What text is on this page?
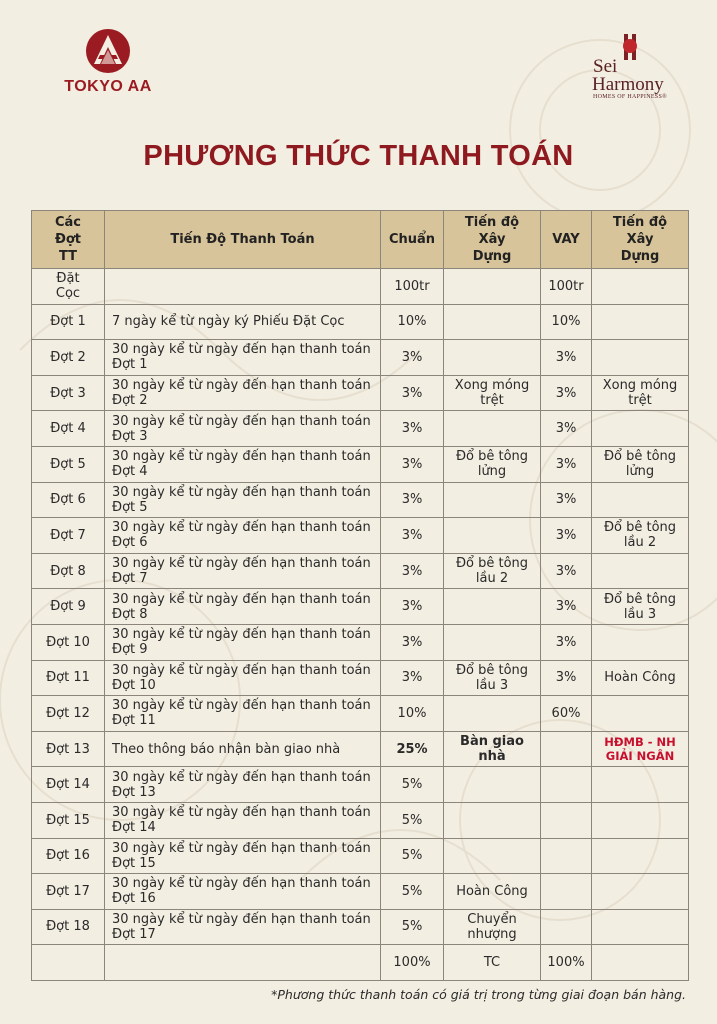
TOKYO AA
Sei
Harmony
HOMES OF HAPPINESS®
PHƯƠNG THỨC THANH TOÁN
Các Đợt TT	Tiến Độ Thanh Toán	Chuẩn	Tiến độ Xây Dựng	VAY	Tiến độ Xây Dựng
Đặt Cọc		100tr		100tr	
Đợt 1	7 ngày kể từ ngày ký Phiếu Đặt Cọc	10%		10%	
Đợt 2	30 ngày kể từ ngày đến hạn thanh toán Đợt 1	3%		3%	
Đợt 3	30 ngày kể từ ngày đến hạn thanh toán Đợt 2	3%	Xong móng trệt	3%	Xong móng trệt
Đợt 4	30 ngày kể từ ngày đến hạn thanh toán Đợt 3	3%		3%	
Đợt 5	30 ngày kể từ ngày đến hạn thanh toán Đợt 4	3%	Đổ bê tông lửng	3%	Đổ bê tông lửng
Đợt 6	30 ngày kể từ ngày đến hạn thanh toán Đợt 5	3%		3%	
Đợt 7	30 ngày kể từ ngày đến hạn thanh toán Đợt 6	3%		3%	Đổ bê tông lầu 2
Đợt 8	30 ngày kể từ ngày đến hạn thanh toán Đợt 7	3%	Đổ bê tông lầu 2	3%	
Đợt 9	30 ngày kể từ ngày đến hạn thanh toán Đợt 8	3%		3%	Đổ bê tông lầu 3
Đợt 10	30 ngày kể từ ngày đến hạn thanh toán Đợt 9	3%		3%	
Đợt 11	30 ngày kể từ ngày đến hạn thanh toán Đợt 10	3%	Đổ bê tông lầu 3	3%	Hoàn Công
Đợt 12	30 ngày kể từ ngày đến hạn thanh toán Đợt 11	10%		60%	
Đợt 13	Theo thông báo nhận bàn giao nhà	25%	Bàn giao nhà		HĐMB - NH GIẢI NGÂN
Đợt 14	30 ngày kể từ ngày đến hạn thanh toán Đợt 13	5%			
Đợt 15	30 ngày kể từ ngày đến hạn thanh toán Đợt 14	5%			
Đợt 16	30 ngày kể từ ngày đến hạn thanh toán Đợt 15	5%			
Đợt 17	30 ngày kể từ ngày đến hạn thanh toán Đợt 16	5%	Hoàn Công		
Đợt 18	30 ngày kể từ ngày đến hạn thanh toán Đợt 17	5%	Chuyển nhượng		
		100%	TC	100%	
*Phương thức thanh toán có giá trị trong từng giai đoạn bán hàng.
